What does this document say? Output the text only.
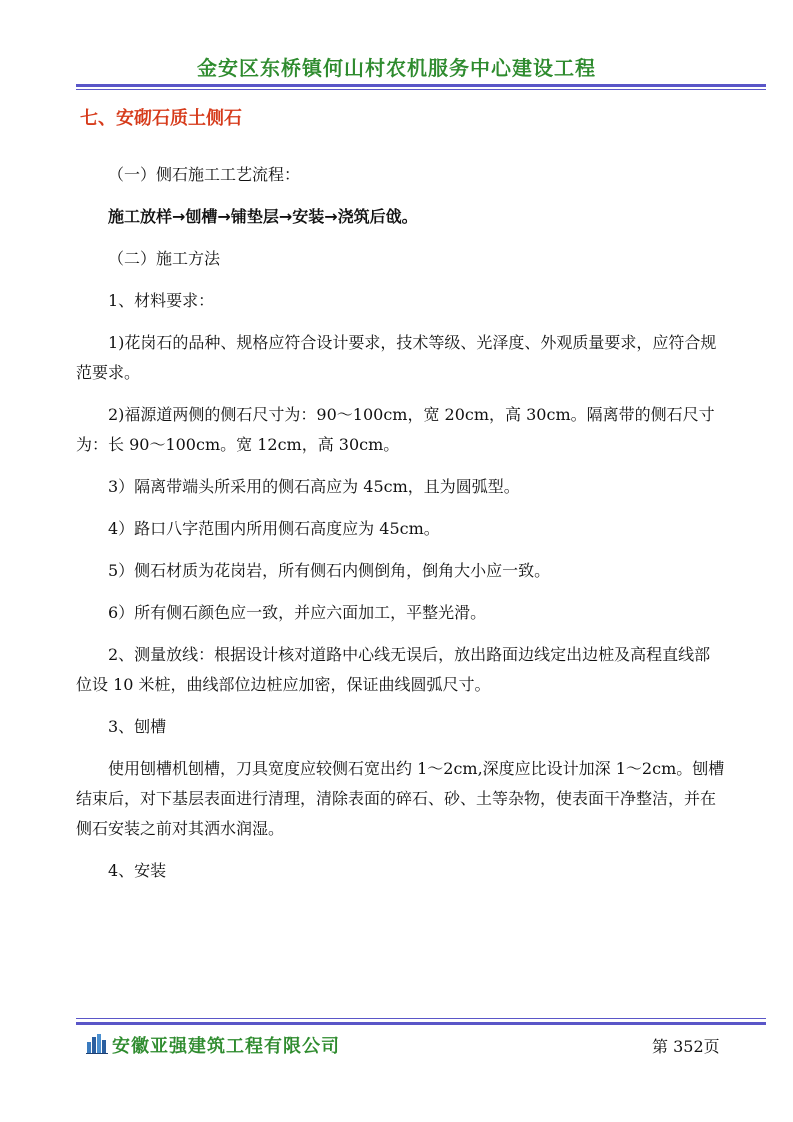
金安区东桥镇何山村农机服务中心建设工程
七、安砌石质土侧石

（一）侧石施工工艺流程：

施工放样→刨槽→铺垫层→安装→浇筑后戗。

（二）施工方法

1、材料要求：

1)花岗石的品种、规格应符合设计要求，技术等级、光泽度、外观质量要求，应符合规范要求。

2)福源道两侧的侧石尺寸为：90～100cm，宽 20cm，高 30cm。隔离带的侧石尺寸为：长 90～100cm。宽 12cm，高 30cm。

3）隔离带端头所采用的侧石高应为 45cm，且为圆弧型。

4）路口八字范围内所用侧石高度应为 45cm。

5）侧石材质为花岗岩，所有侧石内侧倒角，倒角大小应一致。

6）所有侧石颜色应一致，并应六面加工，平整光滑。

2、测量放线：根据设计核对道路中心线无误后，放出路面边线定出边桩及高程直线部位设 10 米桩，曲线部位边桩应加密，保证曲线圆弧尺寸。

3、刨槽

使用刨槽机刨槽，刀具宽度应较侧石宽出约 1～2cm,深度应比设计加深 1～2cm。刨槽结束后，对下基层表面进行清理，清除表面的碎石、砂、土等杂物，使表面干净整洁，并在侧石安装之前对其洒水润湿。

4、安装

安徽亚强建筑工程有限公司	第 352页
